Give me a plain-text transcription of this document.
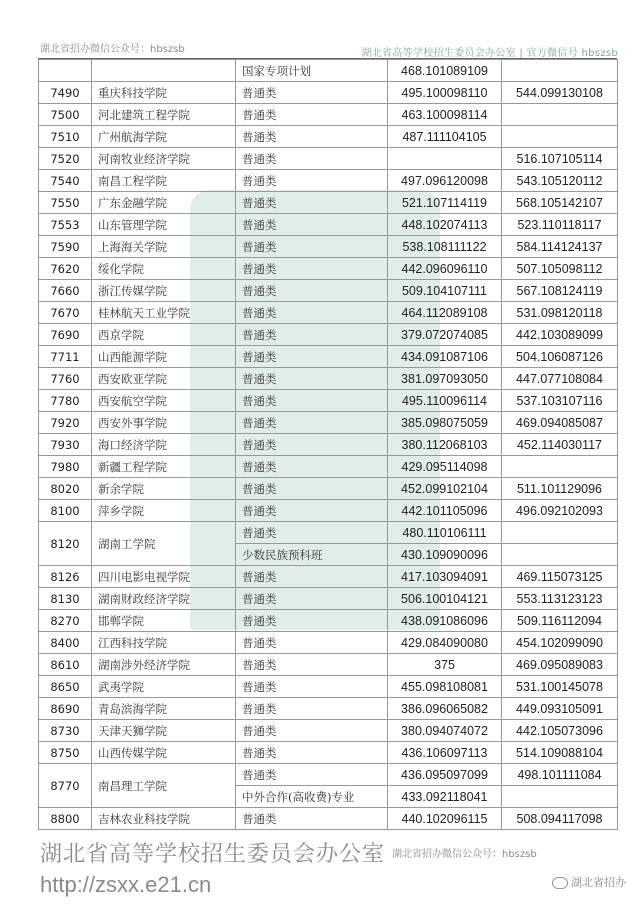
湖北省高等学校招生委员会办公室 | 官方微信号 hbszsb
		国家专项计划	468.101089109	
7490	重庆科技学院	普通类	495.100098110	544.099130108
7500	河北建筑工程学院	普通类	463.100098114	
7510	广州航海学院	普通类	487.111104105	
7520	河南牧业经济学院	普通类		516.107105114
7540	南昌工程学院	普通类	497.096120098	543.105120112
7550	广东金融学院	普通类	521.107114119	568.105142107
7553	山东管理学院	普通类	448.102074113	523.110118117
7590	上海海关学院	普通类	538.108111122	584.114124137
7620	绥化学院	普通类	442.096096110	507.105098112
7660	浙江传媒学院	普通类	509.104107111	567.108124119
7670	桂林航天工业学院	普通类	464.112089108	531.098120118
7690	西京学院	普通类	379.072074085	442.103089099
7711	山西能源学院	普通类	434.091087106	504.106087126
7760	西安欧亚学院	普通类	381.097093050	447.077108084
7780	西安航空学院	普通类	495.110096114	537.103107116
7920	西安外事学院	普通类	385.098075059	469.094085087
7930	海口经济学院	普通类	380.112068103	452.114030117
7980	新疆工程学院	普通类	429.095114098	
8020	新余学院	普通类	452.099102104	511.101129096
8100	萍乡学院	普通类	442.101105096	496.092102093
8120	湖南工学院	普通类	480.110106111	
		少数民族预科班	430.109090096	
8126	四川电影电视学院	普通类	417.103094091	469.115073125
8130	湖南财政经济学院	普通类	506.100104121	553.113123123
8270	邯郸学院	普通类	438.091086096	509.116112094
8400	江西科技学院	普通类	429.084090080	454.102099090
8610	湖南涉外经济学院	普通类	375	469.095089083
8650	武夷学院	普通类	455.098108081	531.100145078
8690	青岛滨海学院	普通类	386.096065082	449.093105091
8730	天津天狮学院	普通类	380.094074072	442.105073096
8750	山西传媒学院	普通类	436.106097113	514.109088104
8770	南昌理工学院	普通类	436.095097099	498.101111084
		中外合作(高收费)专业	433.092118041	
8800	吉林农业科技学院	普通类	440.102096115	508.094117098
湖北省招办微信公众号：hbszsb
湖北省高等学校招生委员会办公室
http://zsxx.e21.cn
湖北省招办微信公众号：hbszsb
湖北省招办
